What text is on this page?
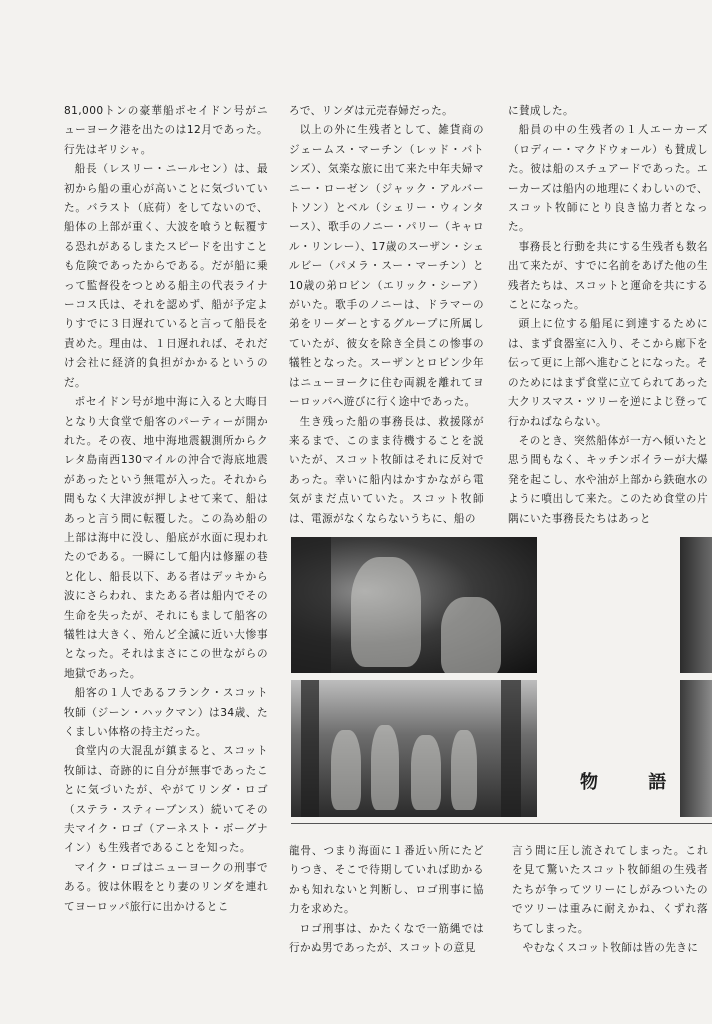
81,000トンの豪華船ポセイドン号がニューヨーク港を出たのは12月であった。行先はギリシャ。

船長（レスリー・ニールセン）は、最初から船の重心が高いことに気づいていた。バラスト（底荷）をしてないので、船体の上部が重く、大波を喰うと転覆する恐れがあるしまたスピードを出すことも危険であったからである。だが船に乗って監督役をつとめる船主の代表ライナーコス氏は、それを認めず、船が予定よりすでに３日遅れていると言って船長を責めた。理由は、１日遅れれば、それだけ会社に経済的負担がかかるというのだ。

ポセイドン号が地中海に入ると大晦日となり大食堂で船客のパーティーが開かれた。その夜、地中海地震観測所からクレタ島南西130マイルの沖合で海底地震があったという無電が入った。それから間もなく大津波が押しよせて来て、船はあっと言う間に転覆した。この為め船の上部は海中に没し、船底が水面に現われたのである。一瞬にして船内は修羅の巷と化し、船長以下、ある者はデッキから波にさらわれ、またある者は船内でその生命を失ったが、それにもまして船客の犠牲は大きく、殆んど全滅に近い大惨事となった。それはまさにこの世ながらの地獄であった。

船客の１人であるフランク・スコット牧師（ジーン・ハックマン）は34歳、たくましい体格の持主だった。

食堂内の大混乱が鎮まると、スコット牧師は、奇跡的に自分が無事であったことに気づいたが、やがてリンダ・ロゴ（ステラ・スティーブンス）続いてその夫マイク・ロゴ（アーネスト・ボーグナイン）も生残者であることを知った。

マイク・ロゴはニューヨークの刑事である。彼は休暇をとり妻のリンダを連れてヨーロッパ旅行に出かけるとこ

ろで、リンダは元売春婦だった。

以上の外に生残者として、雑貨商のジェームス・マーチン（レッド・バトンズ）、気楽な旅に出て来た中年夫婦マニー・ローゼン（ジャック・アルバートソン）とベル（シェリー・ウィンタース）、歌手のノニー・パリー（キャロル・リンレー）、17歳のスーザン・シェルビー（パメラ・スー・マーチン）と10歳の弟ロビン（エリック・シーア）がいた。歌手のノニーは、ドラマーの弟をリーダーとするグループに所属していたが、彼女を除き全員この惨事の犠牲となった。スーザンとロビン少年はニューヨークに住む両親を離れてヨーロッパへ遊びに行く途中であった。

生き残った船の事務長は、救援隊が来るまで、このまま待機することを説いたが、スコット牧師はそれに反対であった。幸いに船内はかすかながら電気がまだ点いていた。スコット牧師は、電源がなくならないうちに、船の

に賛成した。

船員の中の生残者の１人エーカーズ（ロディー・マクドウォール）も賛成した。彼は船のスチュアードであった。エーカーズは船内の地理にくわしいので、スコット牧師にとり良き協力者となった。

事務長と行動を共にする生残者も数名出て来たが、すでに名前をあげた他の生残者たちは、スコットと運命を共にすることになった。

頭上に位する船尾に到達するためには、まず食器室に入り、そこから廊下を伝って更に上部へ進むことになった。そのためにはまず食堂に立てられてあった大クリスマス・ツリーを逆によじ登って行かねばならない。

そのとき、突然船体が一方へ傾いたと思う間もなく、キッチンボイラーが大爆発を起こし、水や油が上部から鉄砲水のように噴出して来た。このため食堂の片隅にいた事務長たちはあっと

物 語

龍骨、つまり海面に１番近い所にたどりつき、そこで待期していれば助かるかも知れないと判断し、ロゴ刑事に協力を求めた。

ロゴ刑事は、かたくなで一筋縄では行かぬ男であったが、スコットの意見

言う間に圧し流されてしまった。これを見て驚いたスコット牧師組の生残者たちが争ってツリーにしがみついたのでツリーは重みに耐えかね、くずれ落ちてしまった。

やむなくスコット牧師は皆の先きに
